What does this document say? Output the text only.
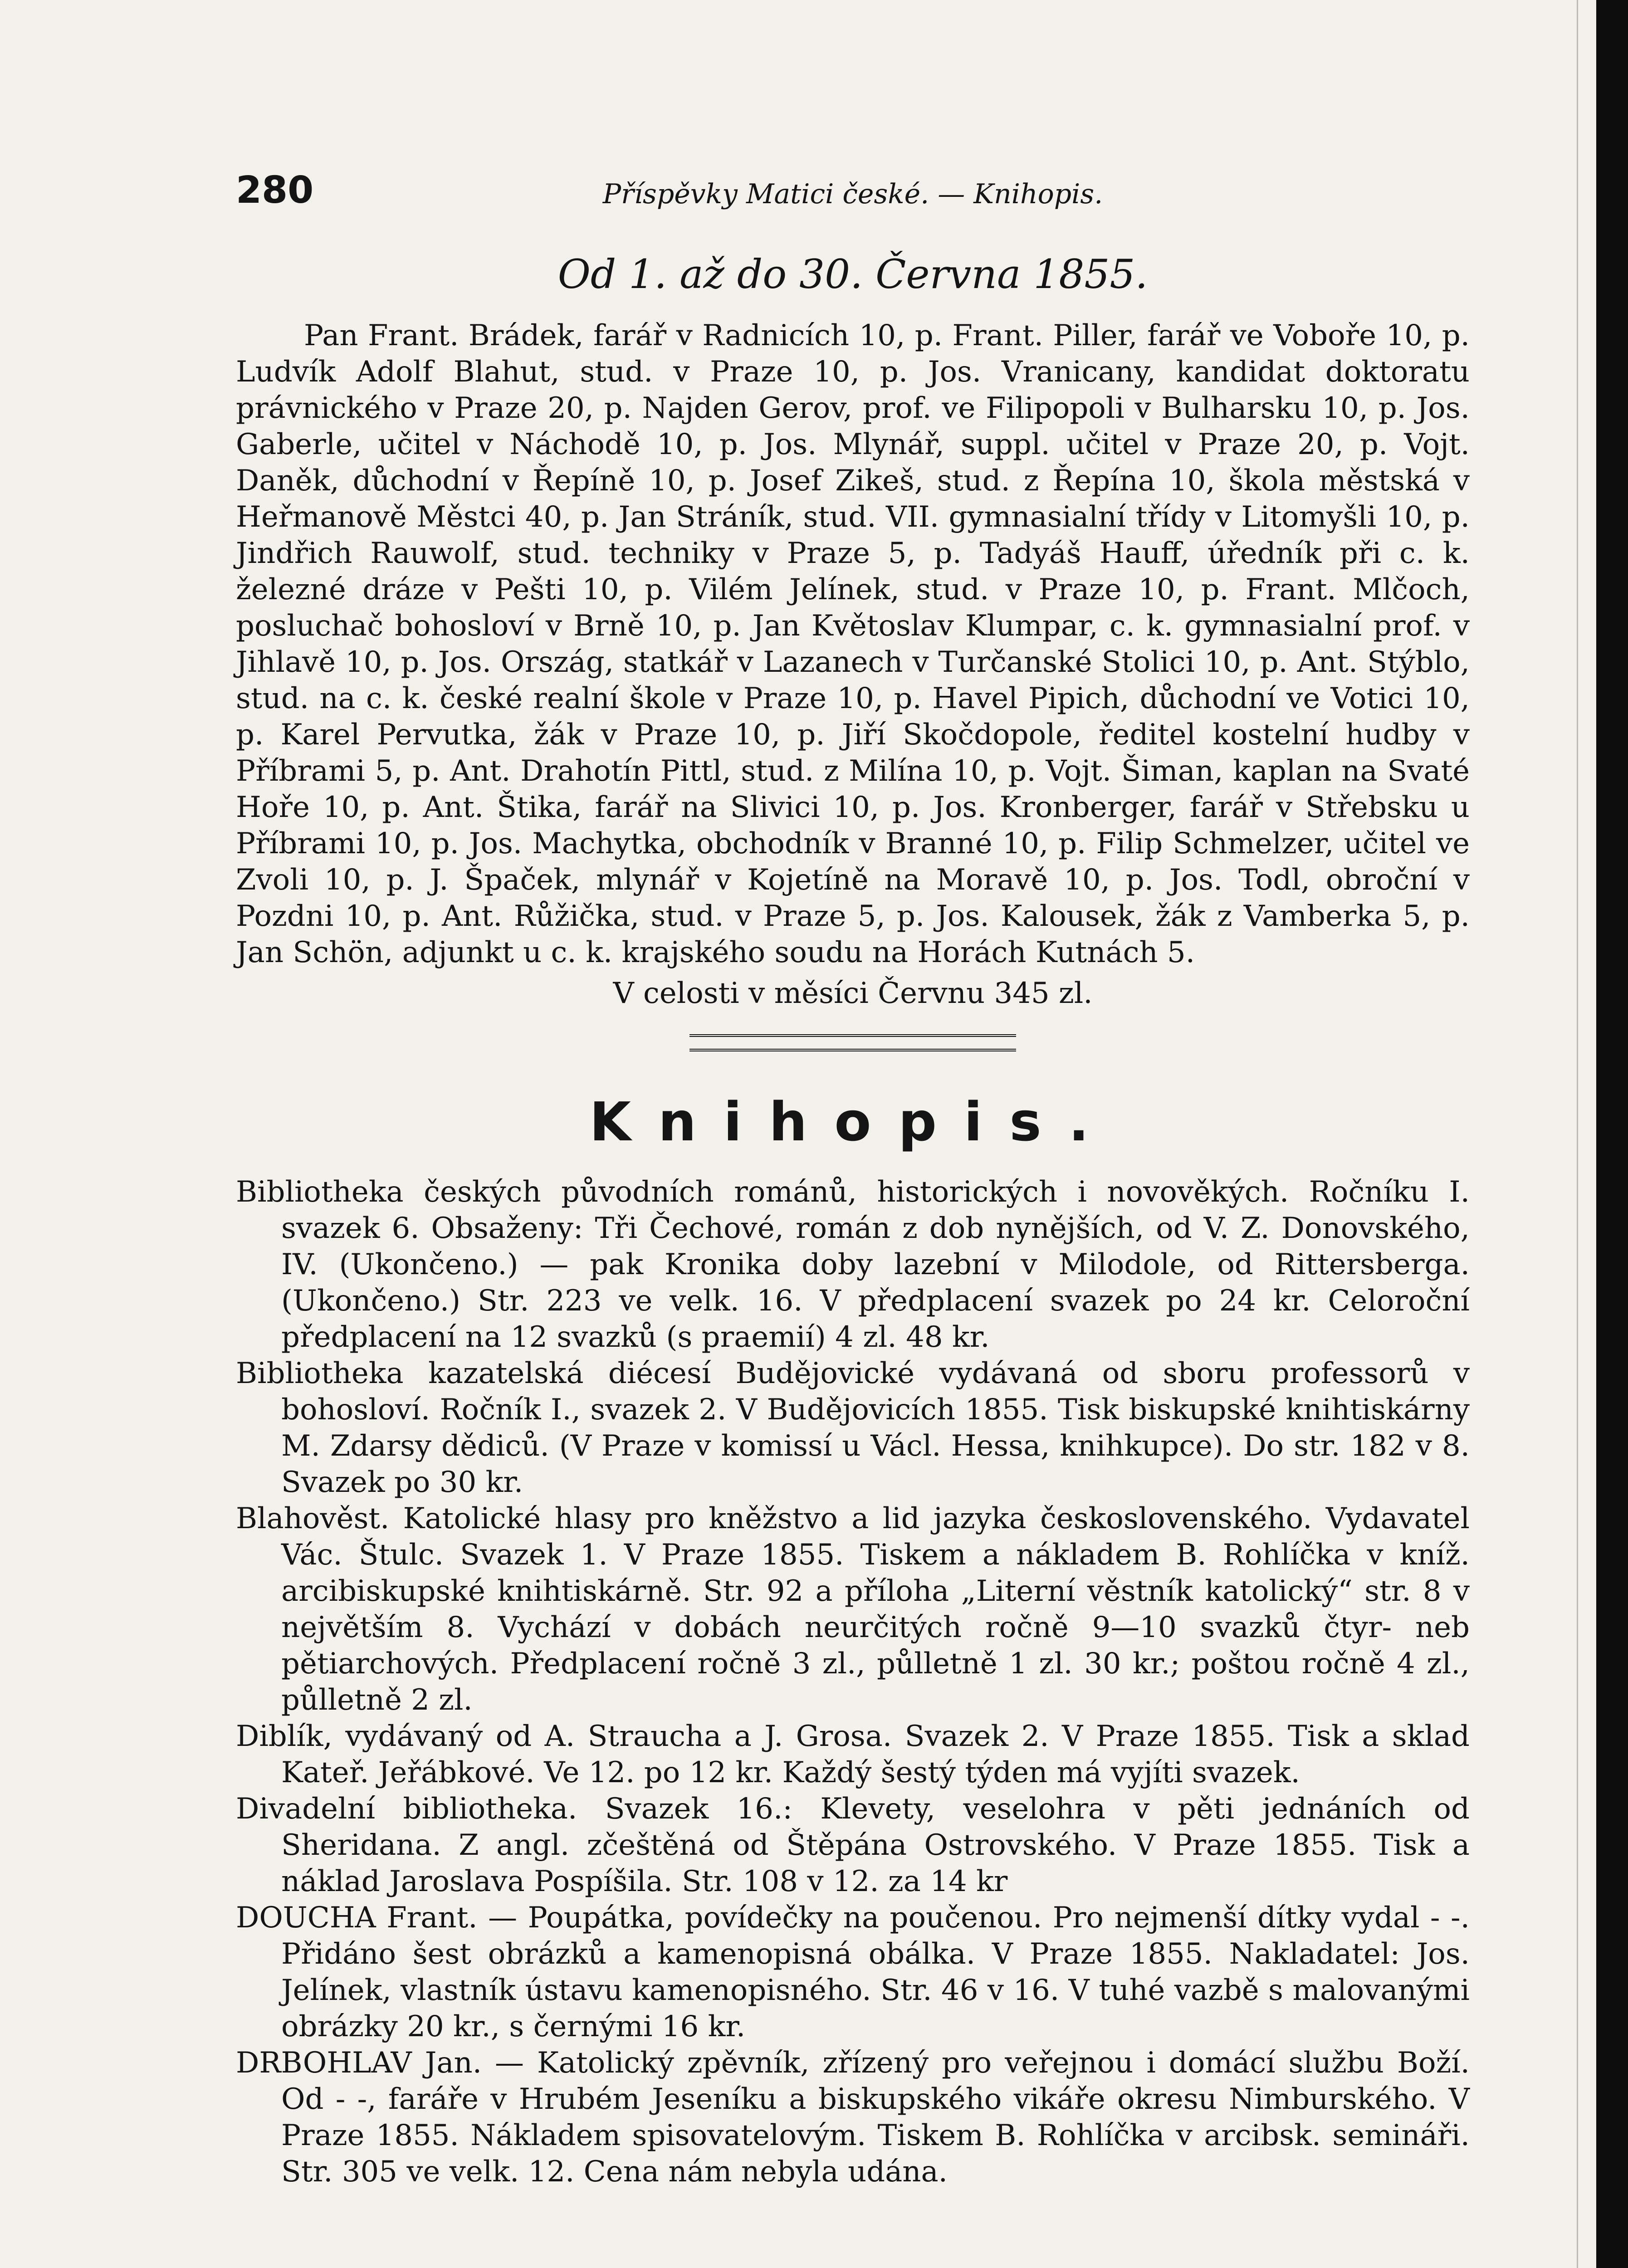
280	Příspěvky Matici české. — Knihopis.
Od 1. až do 30. Června 1855.

Pan Frant. Brádek, farář v Radnicích 10, p. Frant. Piller, farář ve Voboře 10, p. Ludvík Adolf Blahut, stud. v Praze 10, p. Jos. Vranicany, kandidat doktoratu právnického v Praze 20, p. Najden Gerov, prof. ve Filipopoli v Bulharsku 10, p. Jos. Gaberle, učitel v Náchodě 10, p. Jos. Mlynář, suppl. učitel v Praze 20, p. Vojt. Daněk, důchodní v Řepíně 10, p. Josef Zikeš, stud. z Řepína 10, škola městská v Heřmanově Městci 40, p. Jan Stráník, stud. VII. gymnasialní třídy v Litomyšli 10, p. Jindřich Rauwolf, stud. techniky v Praze 5, p. Tadyáš Hauff, úředník při c. k. železné dráze v Pešti 10, p. Vilém Jelínek, stud. v Praze 10, p. Frant. Mlčoch, posluchač bohosloví v Brně 10, p. Jan Květoslav Klumpar, c. k. gymnasialní prof. v Jihlavě 10, p. Jos. Ország, statkář v Lazanech v Turčanské Stolici 10, p. Ant. Stýblo, stud. na c. k. české realní škole v Praze 10, p. Havel Pipich, důchodní ve Votici 10, p. Karel Pervutka, žák v Praze 10, p. Jiří Skočdopole, ředitel kostelní hudby v Příbrami 5, p. Ant. Drahotín Pittl, stud. z Milína 10, p. Vojt. Šiman, kaplan na Svaté Hoře 10, p. Ant. Štika, farář na Slivici 10, p. Jos. Kronberger, farář v Střebsku u Příbrami 10, p. Jos. Machytka, obchodník v Branné 10, p. Filip Schmelzer, učitel ve Zvoli 10, p. J. Špaček, mlynář v Kojetíně na Moravě 10, p. Jos. Todl, obroční v Pozdni 10, p. Ant. Růžička, stud. v Praze 5, p. Jos. Kalousek, žák z Vamberka 5, p. Jan Schön, adjunkt u c. k. krajského soudu na Horách Kutnách 5.

V celosti v měsíci Červnu 345 zl.
Knihopis.

Bibliotheka českých původních románů, historických i novověkých. Ročníku I. svazek 6. Obsaženy: Tři Čechové, román z dob nynějších, od V. Z. Donovského, IV. (Ukončeno.) — pak Kronika doby lazební v Milodole, od Rittersberga. (Ukončeno.) Str. 223 ve velk. 16. V předplacení svazek po 24 kr. Celoroční předplacení na 12 svazků (s praemií) 4 zl. 48 kr.

Bibliotheka kazatelská diécesí Budějovické vydávaná od sboru professorů v bohosloví. Ročník I., svazek 2. V Budějovicích 1855. Tisk biskupské knihtiskárny M. Zdarsy dědiců. (V Praze v komissí u Václ. Hessa, knihkupce). Do str. 182 v 8. Svazek po 30 kr.

Blahověst. Katolické hlasy pro kněžstvo a lid jazyka československého. Vydavatel Vác. Štulc. Svazek 1. V Praze 1855. Tiskem a nákladem B. Rohlíčka v kníž. arcibiskupské knihtiskárně. Str. 92 a příloha „Literní věstník katolický“ str. 8 v největším 8. Vychází v dobách neurčitých ročně 9—10 svazků čtyr- neb pětiarchových. Předplacení ročně 3 zl., půlletně 1 zl. 30 kr.; poštou ročně 4 zl., půlletně 2 zl.

Diblík, vydávaný od A. Straucha a J. Grosa. Svazek 2. V Praze 1855. Tisk a sklad Kateř. Jeřábkové. Ve 12. po 12 kr. Každý šestý týden má vyjíti svazek.

Divadelní bibliotheka. Svazek 16.: Klevety, veselohra v pěti jednáních od Sheridana. Z angl. zčeštěná od Štěpána Ostrovského. V Praze 1855. Tisk a náklad Jaroslava Pospíšila. Str. 108 v 12. za 14 kr

DOUCHA Frant. — Poupátka, povídečky na poučenou. Pro nejmenší dítky vydal - -. Přidáno šest obrázků a kamenopisná obálka. V Praze 1855. Nakladatel: Jos. Jelínek, vlastník ústavu kamenopisného. Str. 46 v 16. V tuhé vazbě s malovanými obrázky 20 kr., s černými 16 kr.

DRBOHLAV Jan. — Katolický zpěvník, zřízený pro veřejnou i domácí službu Boží. Od - -, faráře v Hrubém Jeseníku a biskupského vikáře okresu Nimburského. V Praze 1855. Nákladem spisovatelovým. Tiskem B. Rohlíčka v arcibsk. semináři. Str. 305 ve velk. 12. Cena nám nebyla udána.
